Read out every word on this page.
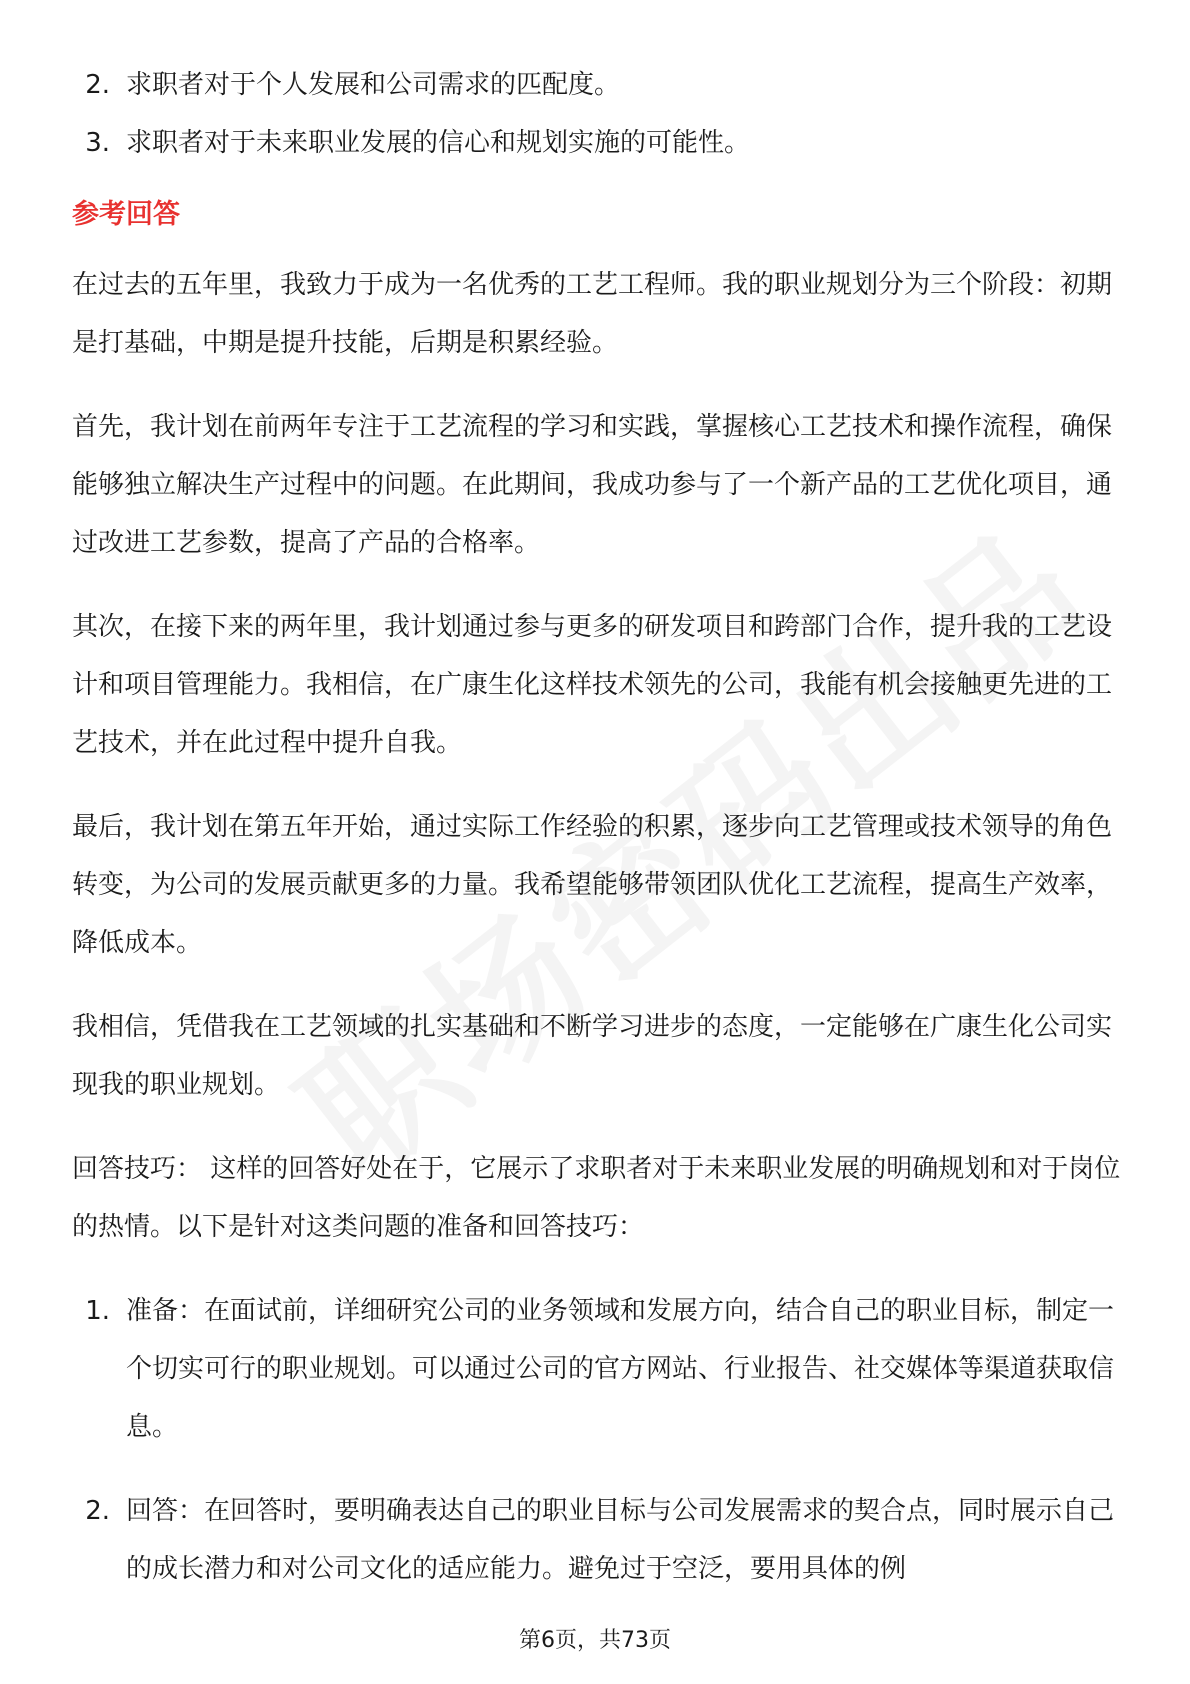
2. 求职者对于个人发展和公司需求的匹配度。
3. 求职者对于未来职业发展的信心和规划实施的可能性。

参考回答

在过去的五年里，我致力于成为一名优秀的工艺工程师。我的职业规划分为三个阶段：初期是打基础，中期是提升技能，后期是积累经验。

首先，我计划在前两年专注于工艺流程的学习和实践，掌握核心工艺技术和操作流程，确保能够独立解决生产过程中的问题。在此期间，我成功参与了一个新产品的工艺优化项目，通过改进工艺参数，提高了产品的合格率。

其次，在接下来的两年里，我计划通过参与更多的研发项目和跨部门合作，提升我的工艺设计和项目管理能力。我相信，在广康生化这样技术领先的公司，我能有机会接触更先进的工艺技术，并在此过程中提升自我。

最后，我计划在第五年开始，通过实际工作经验的积累，逐步向工艺管理或技术领导的角色转变，为公司的发展贡献更多的力量。我希望能够带领团队优化工艺流程，提高生产效率，降低成本。

我相信，凭借我在工艺领域的扎实基础和不断学习进步的态度，一定能够在广康生化公司实现我的职业规划。

回答技巧： 这样的回答好处在于，它展示了求职者对于未来职业发展的明确规划和对于岗位的热情。以下是针对这类问题的准备和回答技巧：

1. 准备：在面试前，详细研究公司的业务领域和发展方向，结合自己的职业目标，制定一个切实可行的职业规划。可以通过公司的官方网站、行业报告、社交媒体等渠道获取信息。
2. 回答：在回答时，要明确表达自己的职业目标与公司发展需求的契合点，同时展示自己的成长潜力和对公司文化的适应能力。避免过于空泛，要用具体的例
第6页，共73页
